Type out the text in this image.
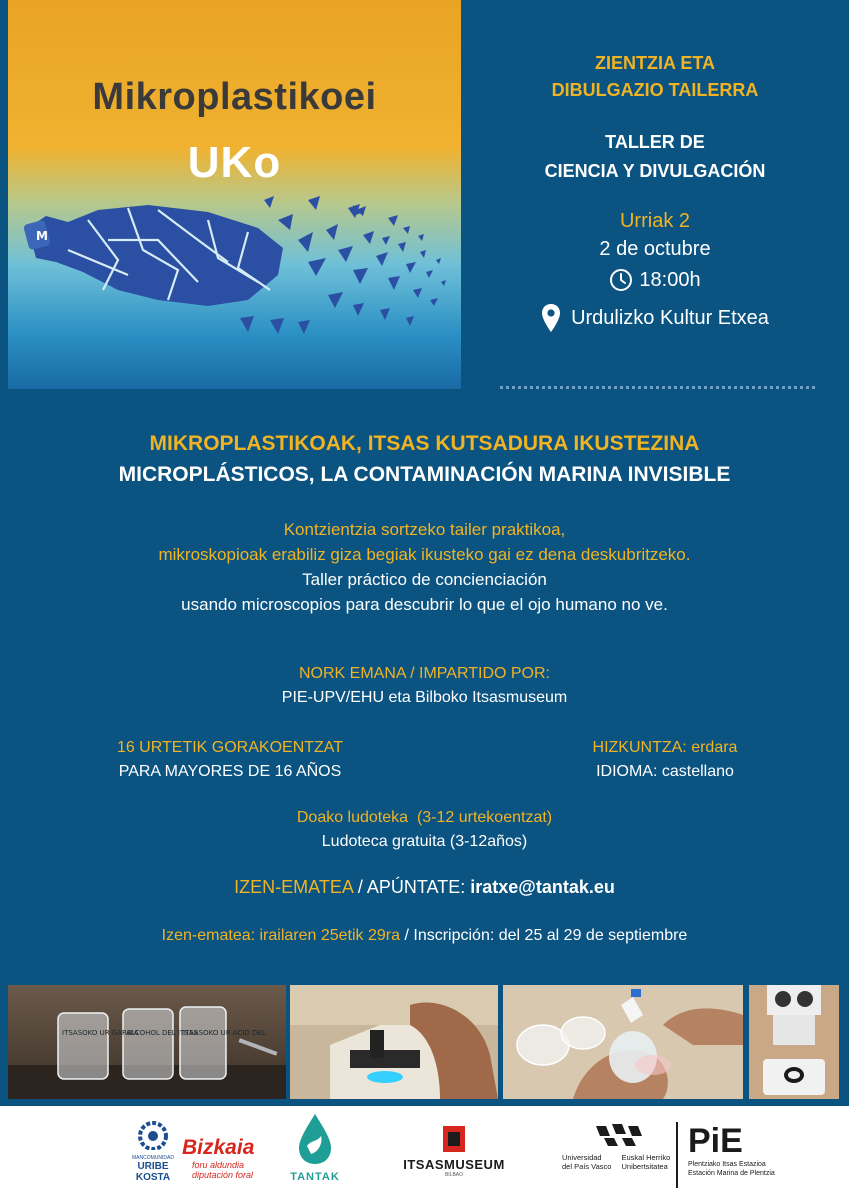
M
Mikroplastikoei
UKo
ZIENTZIA ETA
DIBULGAZIO TAILERRA
TALLER DE
CIENCIA Y DIVULGACIÓN
Urriak 2
2 de octubre
18:00h
Urdulizko Kultur Etxea
MIKROPLASTIKOAK, ITSAS KUTSADURA IKUSTEZINA
MICROPLÁSTICOS, LA CONTAMINACIÓN MARINA INVISIBLE
Kontzientzia sortzeko tailer praktikoa,
mikroskopioak erabiliz giza begiak ikusteko gai ez dena deskubritzeko.
Taller práctico de concienciación
usando microscopios para descubrir lo que el ojo humano no ve.
NORK EMANA / IMPARTIDO POR:
PIE-UPV/EHU eta Bilboko Itsasmuseum
16 URTETIK GORAKOENTZAT
PARA MAYORES DE 16 AÑOS
HIZKUNTZA: erdara
IDIOMA: castellano
Doako ludoteka  (3-12 urtekoentzat)
Ludoteca gratuita (3-12años)
IZEN-EMATEA / APÚNTATE: iratxe@tantak.eu
Izen-ematea: irailaren 25etik 29ra / Inscripción: del 25 al 29 de septiembre
ITSASOKO UR GARBIA
ALCOHOL DEL ITSAS
ITSASOKO UR ACID DEL
MANCOMUNIDAD
URIBE
KOSTA
Bizkaia
foru aldundia
diputación foral	TANTAK
ITSASMUSEUM
BILBAO
Universidad
del País Vasco
Euskal Herriko
Unibertsitatea
PiE
Plentziako Itsas Estazioa
Estación Marina de Plentzia
